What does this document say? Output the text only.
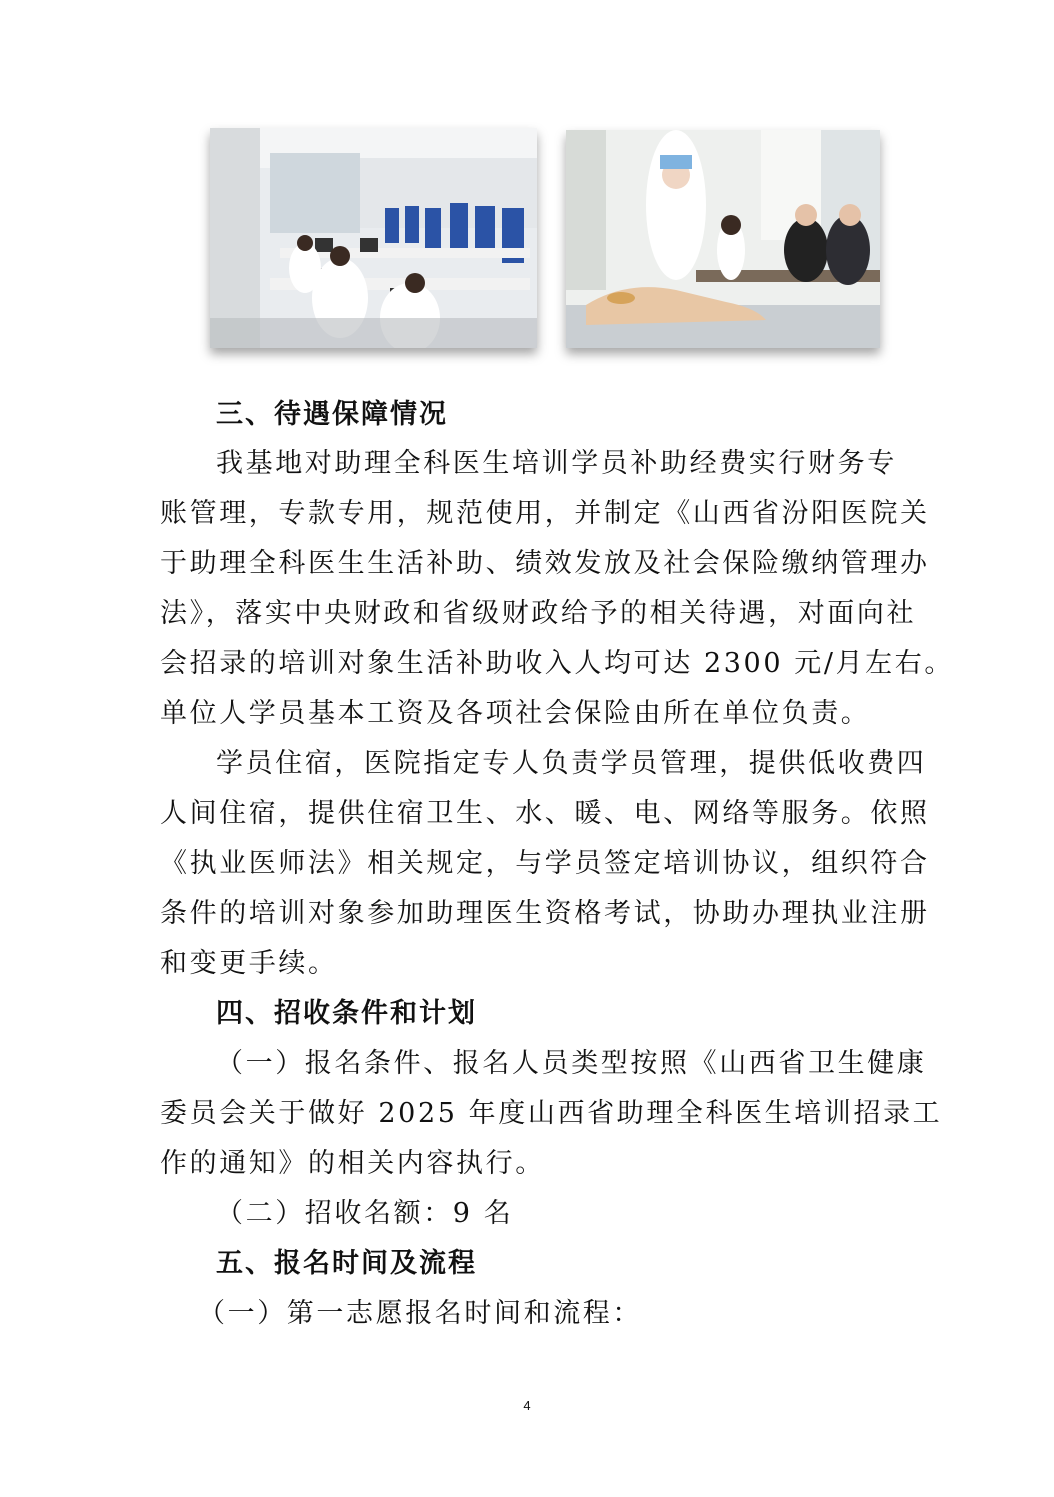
三、待遇保障情况
我基地对助理全科医生培训学员补助经费实行财务专
账管理，专款专用，规范使用，并制定《山西省汾阳医院关
于助理全科医生生活补助、绩效发放及社会保险缴纳管理办
法》，落实中央财政和省级财政给予的相关待遇，对面向社
会招录的培训对象生活补助收入人均可达 2300 元/月左右。
单位人学员基本工资及各项社会保险由所在单位负责。
学员住宿，医院指定专人负责学员管理，提供低收费四
人间住宿，提供住宿卫生、水、暖、电、网络等服务。依照
《执业医师法》相关规定，与学员签定培训协议，组织符合
条件的培训对象参加助理医生资格考试，协助办理执业注册
和变更手续。
四、招收条件和计划
（一）报名条件、报名人员类型按照《山西省卫生健康
委员会关于做好 2025 年度山西省助理全科医生培训招录工
作的通知》的相关内容执行。
（二）招收名额：9 名
五、报名时间及流程
（一）第一志愿报名时间和流程：
4
